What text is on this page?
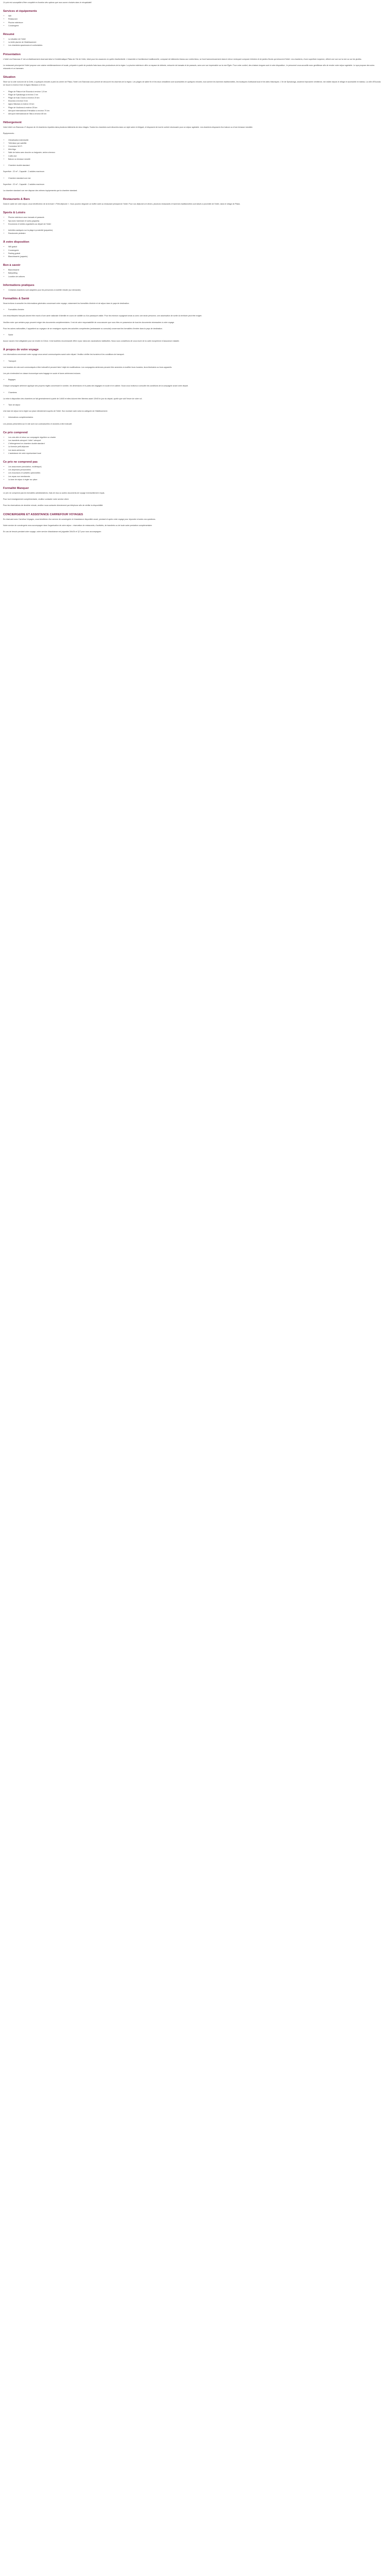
Ce prix est susceptible d'être complété en fonction des options que vous aurez choisies dans le récapitulatif.

Services et équipements
• Wifi
• Restaurant
• Piscine extérieure
• Conciergerie
Résumé
• La situation de l'hôtel
• La belle piscine de l'établissement
• Les chambres spacieuses et confortables
Présentation

L'hôtel Les Elaeonas 4* est un établissement charmant situé à l'emblématique Plaka de l'île de Crète, idéal pour les vacances en quête d'authenticité. L'ensemble à l'architecture traditionnelle, composé de bâtiments blancs aux volets bleus, se fond harmonieusement dans le décor verdoyant composé d'oliviers et de jardins fleuris qui entourent l'hôtel. Les chambres, d'une superficie moyenne, offrent une vue sur la mer ou sur les jardins.

Le restaurant principal de l'hôtel propose une cuisine méditerranéenne et locale, préparée à partir de produits frais issus des producteurs de la région. La piscine extérieure offre un espace de détente, entourée de transats et de parasols, avec une vue imprenable sur la mer Égée. Pour votre confort, des chaises longues sont à votre disposition ; le personnel vous accueille avec gentillesse afin de rendre votre séjour agréable. Le spa propose des soins relaxants et un hammam.

Situation

Situé sur la côte nord-est de la Crète, à quelques minutes à pied du centre de Plaka, l'hôtel Les Elaeonas vous permet de découvrir les charmes de la région. Les plages de sable fin et les eaux cristallines sont accessibles en quelques minutes, tout comme les tavernes traditionnelles, les boutiques d'artisanat local et les sites historiques. L'île de Spinalonga, ancienne léproserie vénitienne, est visible depuis le village et accessible en bateau. La ville d'Elounda se trouve à environ 5 km et Agios Nikolaos à 15 km.

• Plage de Plaka et de Elounda à environ 1,5 km
• Plage de Spinalonga à environ 2 km
• Plage de Kalo Chorio à environ 20 km
• Elounda à environ 5 km
• Agios Nikolaos à environ 15 km
• Plage de Voulisma à environ 25 km
• Aéroport international d'Héraklion à environ 70 km
• Aéroport international de Sitia à environ 85 km
Hébergement

Votre hôtel Les Elaeonas 4* dispose de 44 chambres réparties dans plusieurs bâtiments de deux étages. Toutes les chambres sont décorées dans un style sobre et élégant, et disposent de tout le confort nécessaire pour un séjour agréable. Les chambres disposent d'un balcon ou d'une terrasse meublée.

Équipements :

• Climatisation individuelle
• Télévision par satellite
• Connexion Wi-Fi
• Mini-frigo
• Salle de bains avec douche ou baignoire, sèche-cheveux
• Coffre-fort
• Balcon ou terrasse meublé
• Chambre double standard

Superficie : 22 m² - Capacité : 2 adultes maximum

• Chambre standard vue mer

Superficie : 22 m² - Capacité : 2 adultes maximum

La chambre standard vue mer dispose des mêmes équipements que la chambre standard.

Restaurants & Bars

Dans le cadre de votre séjour, vous bénéficierez de la formule « Petit-déjeuner ». Vous pourrez déguster un buffet varié au restaurant principal de l'hôtel. Pour vos déjeuners et dîners, plusieurs restaurants et tavernes traditionnelles sont situés à proximité de l'hôtel, dans le village de Plaka.

Sports & Loisirs
• Piscine extérieure avec transats et parasols
• Spa avec hammam et soins (payants)
• Excursions et visites organisées au départ de l'hôtel
• Activités nautiques sur la plage à proximité (payantes)
• Randonnée pédestre
À votre disposition
• Wifi gratuit
• Conciergerie
• Parking gratuit
• Blanchisserie (payante)
Bon à savoir
• Blanchisserie
• Babysitting
• Location de voitures
Informations pratiques
• Certaines chambres sont adaptées pour les personnes à mobilité réduite (sur demande).
Formalités & Santé

Nous invitons à consulter les informations générales concernant votre voyage, notamment les formalités d'entrée et de séjour dans le pays de destination.

• Formalités d'entrée

Les ressortissants français doivent être munis d'une carte nationale d'identité en cours de validité ou d'un passeport valide. Pour les mineurs voyageant seuls ou avec une seule personne, une autorisation de sortie du territoire peut être exigée.

Veuillez noter que certains pays peuvent exiger des documents complémentaires. Il est de votre responsabilité de vous assurer que vous êtes en possession de tous les documents nécessaires à votre voyage.

Pour les autres nationalités, il appartient au voyageur de se renseigner auprès des autorités compétentes (ambassade ou consulat) concernant les formalités d'entrée dans le pays de destination.

• Santé

Aucun vaccin n'est obligatoire pour se rendre en Grèce. Il est toutefois recommandé d'être à jour dans ses vaccinations habituelles. Nous vous conseillons de vous munir de la carte européenne d'assurance maladie.

À propos de votre voyage

Les informations concernant votre voyage vous seront communiquées avant votre départ. Veuillez vérifier les horaires et les conditions de transport.

• Transport

Les horaires de vols sont communiqués à titre indicatif et peuvent faire l'objet de modifications. Les compagnies aériennes peuvent être amenées à modifier leurs horaires, leurs itinéraires ou leurs appareils.

Les prix s'entendent en classe économique avec bagage en soute et taxes aériennes incluses.

• Bagages

Chaque compagnie aérienne applique ses propres règles concernant le nombre, les dimensions et le poids des bagages en soute et en cabine. Nous vous invitons à consulter les conditions de la compagnie avant votre départ.

• Chambres

La mise à disposition des chambres se fait généralement à partir de 14h00 et elles doivent être libérées avant 12h00 le jour du départ, quelle que soit l'heure de votre vol.

• Taxe de séjour

Une taxe de séjour est à régler sur place directement auprès de l'hôtel. Son montant varie selon la catégorie de l'établissement.

• Informations complémentaires

Les photos présentées sur le site sont non contractuelles et données à titre indicatif.

Ce prix comprend
• Les vols aller et retour sur compagnie régulière ou charter
• Les transferts aéroport / hôtel / aéroport
• L'hébergement en chambre double standard
• La formule petit-déjeuner
• Les taxes aériennes
• L'assistance de notre représentant local
Ce prix ne comprend pas
• Les assurances (annulation, multirisque)
• Les dépenses personnelles
• Les excursions et activités optionnelles
• Les repas non mentionnés
• La taxe de séjour à régler sur place
Formalité Manquer

Le prix ne comprend pas les formalités administratives, frais de visa ou autres documents de voyage éventuellement requis.

Pour tout renseignement complémentaire, veuillez contacter notre service client.

Pour les réservations de dernière minute, veuillez nous contacter directement par téléphone afin de vérifier la disponibilité.

CONCIERGERIE ET ASSISTANCE CARREFOUR VOYAGES

En réservant avec Carrefour Voyages, vous bénéficiez d'un service de conciergerie et d'assistance disponible avant, pendant et après votre voyage pour répondre à toutes vos questions.

Notre service de conciergerie vous accompagne dans l'organisation de votre séjour : réservation de restaurants, d'activités, de transferts ou de toute autre prestation complémentaire.

En cas de besoin pendant votre voyage, notre service d'assistance est joignable 24h/24 et 7j/7 pour vous accompagner.
